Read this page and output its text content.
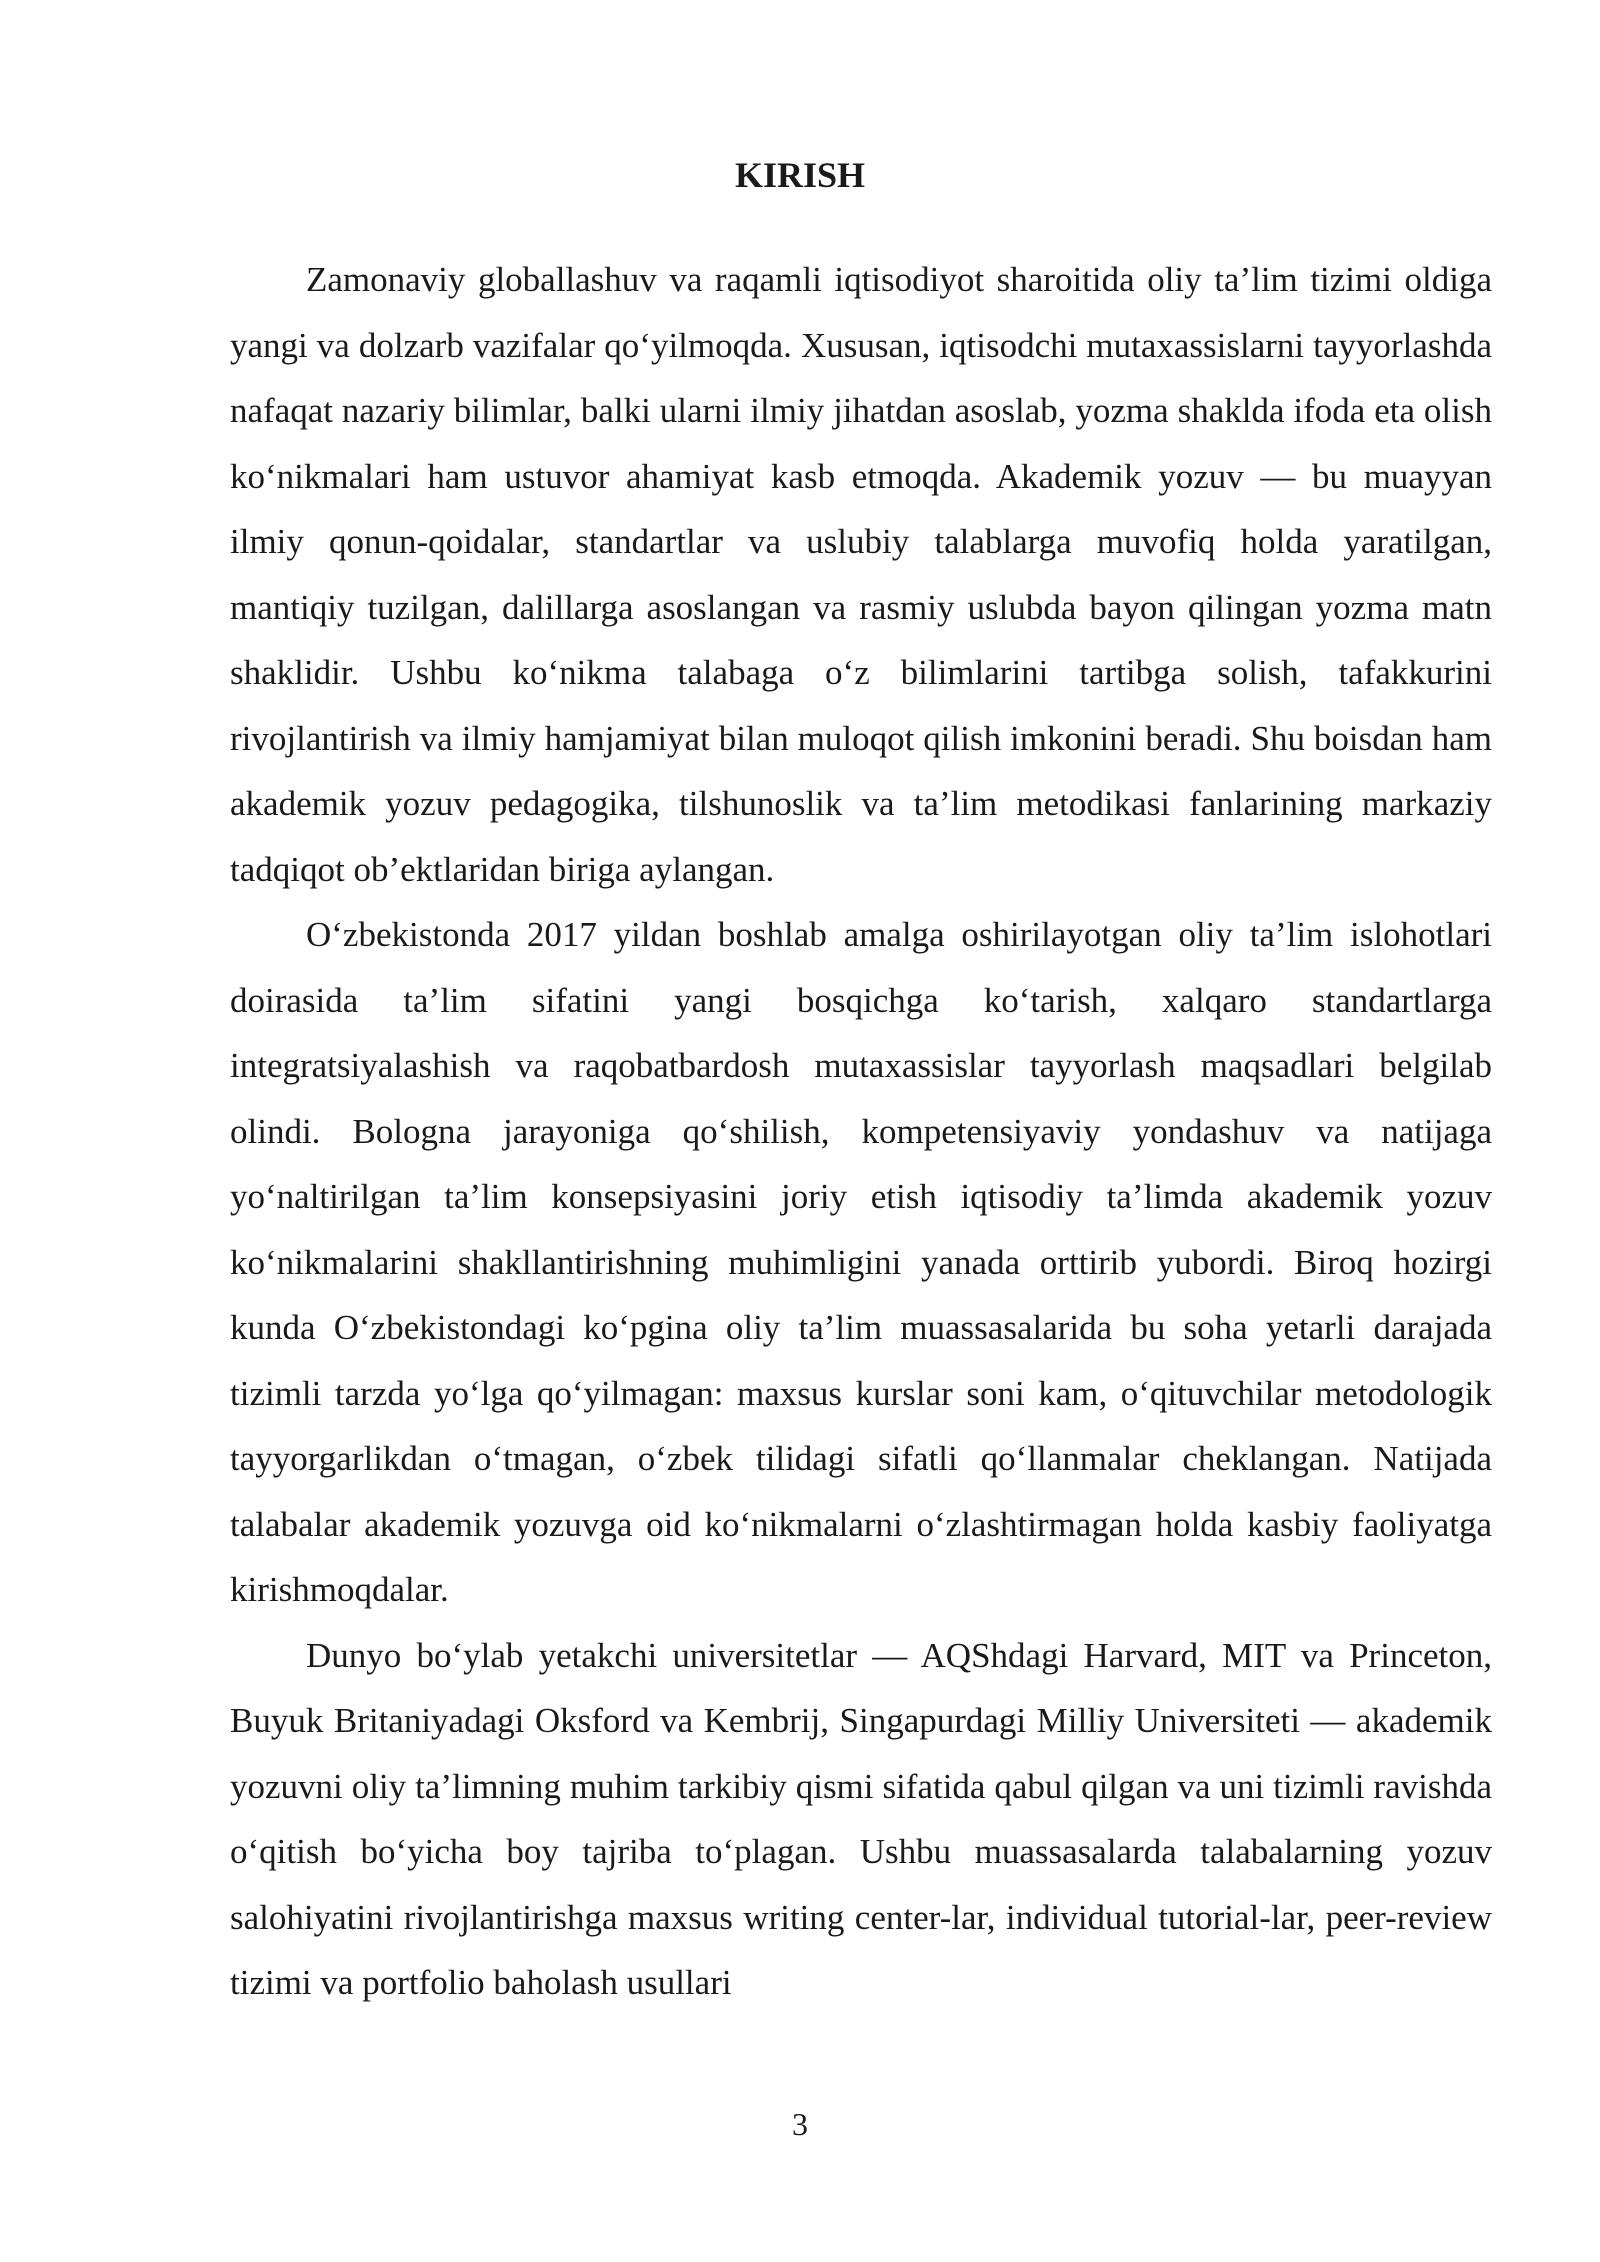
KIRISH

Zamonaviy globallashuv va raqamli iqtisodiyot sharoitida oliy ta’lim tizimi oldiga yangi va dolzarb vazifalar qo‘yilmoqda. Xususan, iqtisodchi mutaxassislarni tayyorlashda nafaqat nazariy bilimlar, balki ularni ilmiy jihatdan asoslab, yozma shaklda ifoda eta olish ko‘nikmalari ham ustuvor ahamiyat kasb etmoqda. Akademik yozuv — bu muayyan ilmiy qonun-qoidalar, standartlar va uslubiy talablarga muvofiq holda yaratilgan, mantiqiy tuzilgan, dalillarga asoslangan va rasmiy uslubda bayon qilingan yozma matn shaklidir. Ushbu ko‘nikma talabaga o‘z bilimlarini tartibga solish, tafakkurini rivojlantirish va ilmiy hamjamiyat bilan muloqot qilish imkonini beradi. Shu boisdan ham akademik yozuv pedagogika, tilshunoslik va ta’lim metodikasi fanlarining markaziy tadqiqot ob’ektlaridan biriga aylangan.

O‘zbekistonda 2017 yildan boshlab amalga oshirilayotgan oliy ta’lim islohotlari doirasida ta’lim sifatini yangi bosqichga ko‘tarish, xalqaro standartlarga integratsiyalashish va raqobatbardosh mutaxassislar tayyorlash maqsadlari belgilab olindi. Bologna jarayoniga qo‘shilish, kompetensiyaviy yondashuv va natijaga yo‘naltirilgan ta’lim konsepsiyasini joriy etish iqtisodiy ta’limda akademik yozuv ko‘nikmalarini shakllantirishning muhimligini yanada orttirib yubordi. Biroq hozirgi kunda O‘zbekistondagi ko‘pgina oliy ta’lim muassasalarida bu soha yetarli darajada tizimli tarzda yo‘lga qo‘yilmagan: maxsus kurslar soni kam, o‘qituvchilar metodologik tayyorgarlikdan o‘tmagan, o‘zbek tilidagi sifatli qo‘llanmalar cheklangan. Natijada talabalar akademik yozuvga oid ko‘nikmalarni o‘zlashtirmagan holda kasbiy faoliyatga kirishmoqdalar.

Dunyo bo‘ylab yetakchi universitetlar — AQShdagi Harvard, MIT va Princeton, Buyuk Britaniyadagi Oksford va Kembrij, Singapurdagi Milliy Universiteti — akademik yozuvni oliy ta’limning muhim tarkibiy qismi sifatida qabul qilgan va uni tizimli ravishda o‘qitish bo‘yicha boy tajriba to‘plagan. Ushbu muassasalarda talabalarning yozuv salohiyatini rivojlantirishga maxsus writing center-lar, individual tutorial-lar, peer-review tizimi va portfolio baholash usullari

3
